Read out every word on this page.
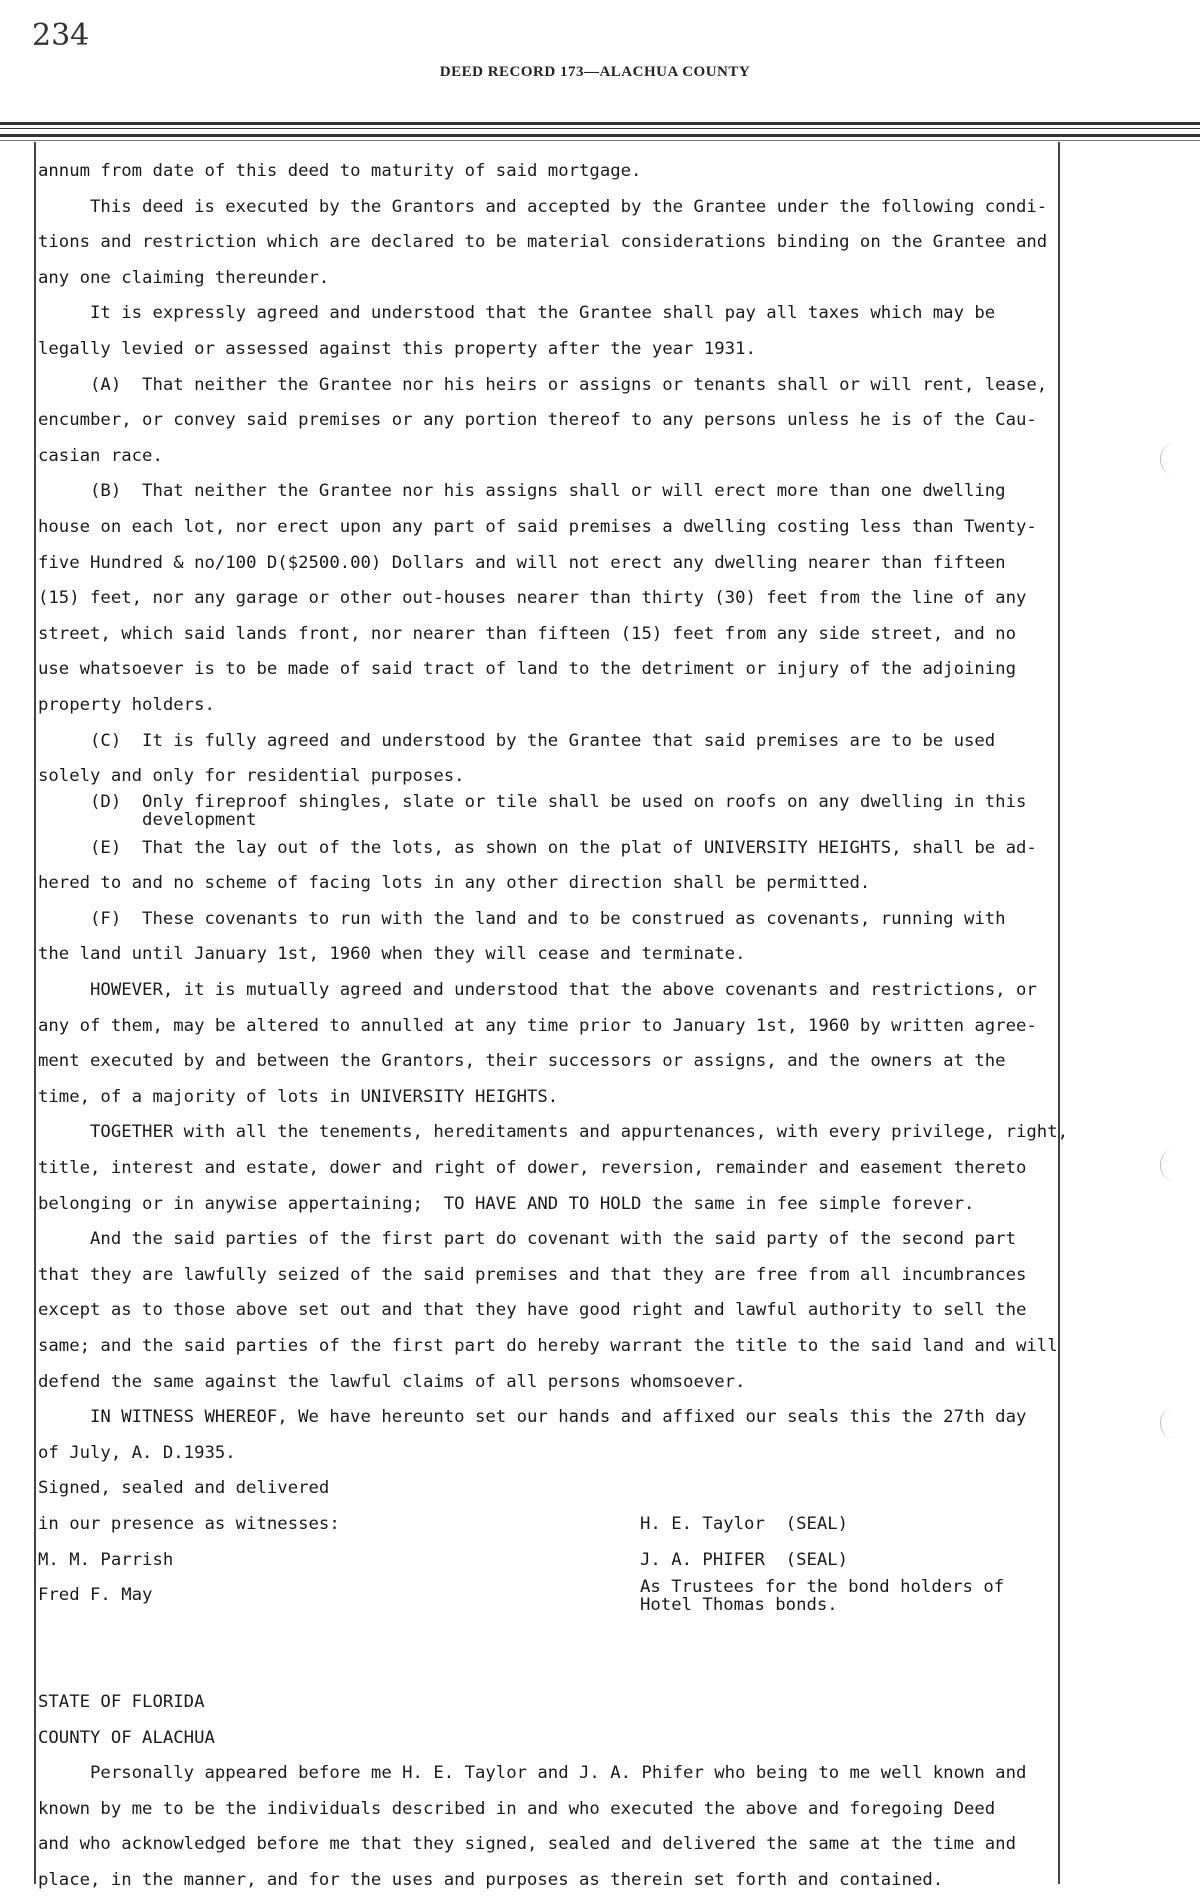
234
DEED RECORD 173—ALACHUA COUNTY
annum from date of this deed to maturity of said mortgage.
This deed is executed by the Grantors and accepted by the Grantee under the following condi-
tions and restriction which are declared to be material considerations binding on the Grantee and
any one claiming thereunder.
It is expressly agreed and understood that the Grantee shall pay all taxes which may be
legally levied or assessed against this property after the year 1931.
(A)  That neither the Grantee nor his heirs or assigns or tenants shall or will rent, lease,
encumber, or convey said premises or any portion thereof to any persons unless he is of the Cau-
casian race.
(B)  That neither the Grantee nor his assigns shall or will erect more than one dwelling
house on each lot, nor erect upon any part of said premises a dwelling costing less than Twenty-
five Hundred & no/100 D($2500.00) Dollars and will not erect any dwelling nearer than fifteen
(15) feet, nor any garage or other out-houses nearer than thirty (30) feet from the line of any
street, which said lands front, nor nearer than fifteen (15) feet from any side street, and no
use whatsoever is to be made of said tract of land to the detriment or injury of the adjoining
property holders.
(C)  It is fully agreed and understood by the Grantee that said premises are to be used
solely and only for residential purposes.
(D)  Only fireproof shingles, slate or tile shall be used on roofs on any dwelling in this
development
(E)  That the lay out of the lots, as shown on the plat of UNIVERSITY HEIGHTS, shall be ad-
hered to and no scheme of facing lots in any other direction shall be permitted.
(F)  These covenants to run with the land and to be construed as covenants, running with
the land until January 1st, 1960 when they will cease and terminate.
HOWEVER, it is mutually agreed and understood that the above covenants and restrictions, or
any of them, may be altered to annulled at any time prior to January 1st, 1960 by written agree-
ment executed by and between the Grantors, their successors or assigns, and the owners at the
time, of a majority of lots in UNIVERSITY HEIGHTS.
TOGETHER with all the tenements, hereditaments and appurtenances, with every privilege, right,
title, interest and estate, dower and right of dower, reversion, remainder and easement thereto
belonging or in anywise appertaining;  TO HAVE AND TO HOLD the same in fee simple forever.
And the said parties of the first part do covenant with the said party of the second part
that they are lawfully seized of the said premises and that they are free from all incumbrances
except as to those above set out and that they have good right and lawful authority to sell the
same; and the said parties of the first part do hereby warrant the title to the said land and will
defend the same against the lawful claims of all persons whomsoever.
IN WITNESS WHEREOF, We have hereunto set our hands and affixed our seals this the 27th day
of July, A. D.1935.
Signed, sealed and delivered
in our presence as witnesses:
M. M. Parrish
Fred F. May
H. E. Taylor  (SEAL)
J. A. PHIFER  (SEAL)
As Trustees for the bond holders of
Hotel Thomas bonds.
STATE OF FLORIDA
COUNTY OF ALACHUA
Personally appeared before me H. E. Taylor and J. A. Phifer who being to me well known and
known by me to be the individuals described in and who executed the above and foregoing Deed
and who acknowledged before me that they signed, sealed and delivered the same at the time and
place, in the manner, and for the uses and purposes as therein set forth and contained.
